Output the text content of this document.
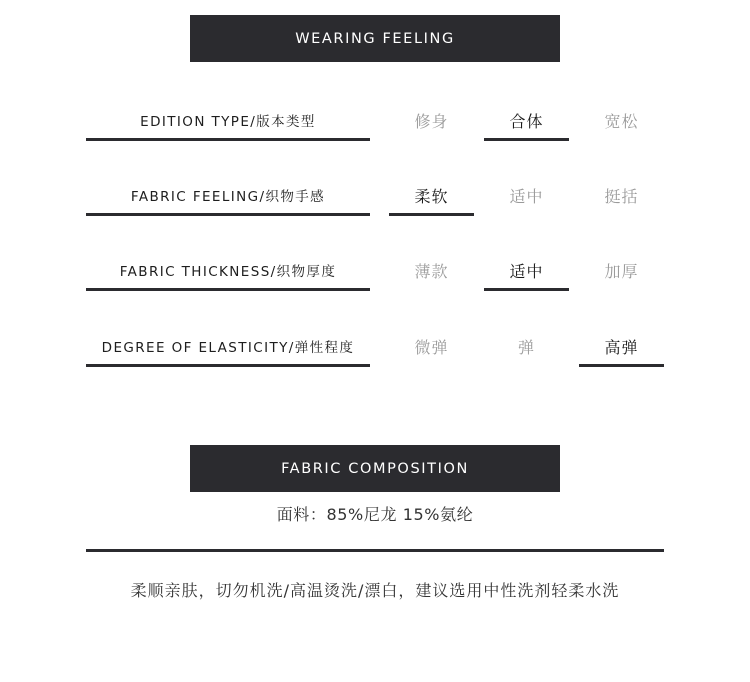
WEARING FEELING
EDITION TYPE/版本类型	修身	合体	宽松
FABRIC FEELING/织物手感	柔软	适中	挺括
FABRIC THICKNESS/织物厚度	薄款	适中	加厚
DEGREE OF ELASTICITY/弹性程度	微弹	弹	高弹
FABRIC COMPOSITION
面料：85%尼龙 15%氨纶
柔顺亲肤，切勿机洗/高温烫洗/漂白，建议选用中性洗剂轻柔水洗
